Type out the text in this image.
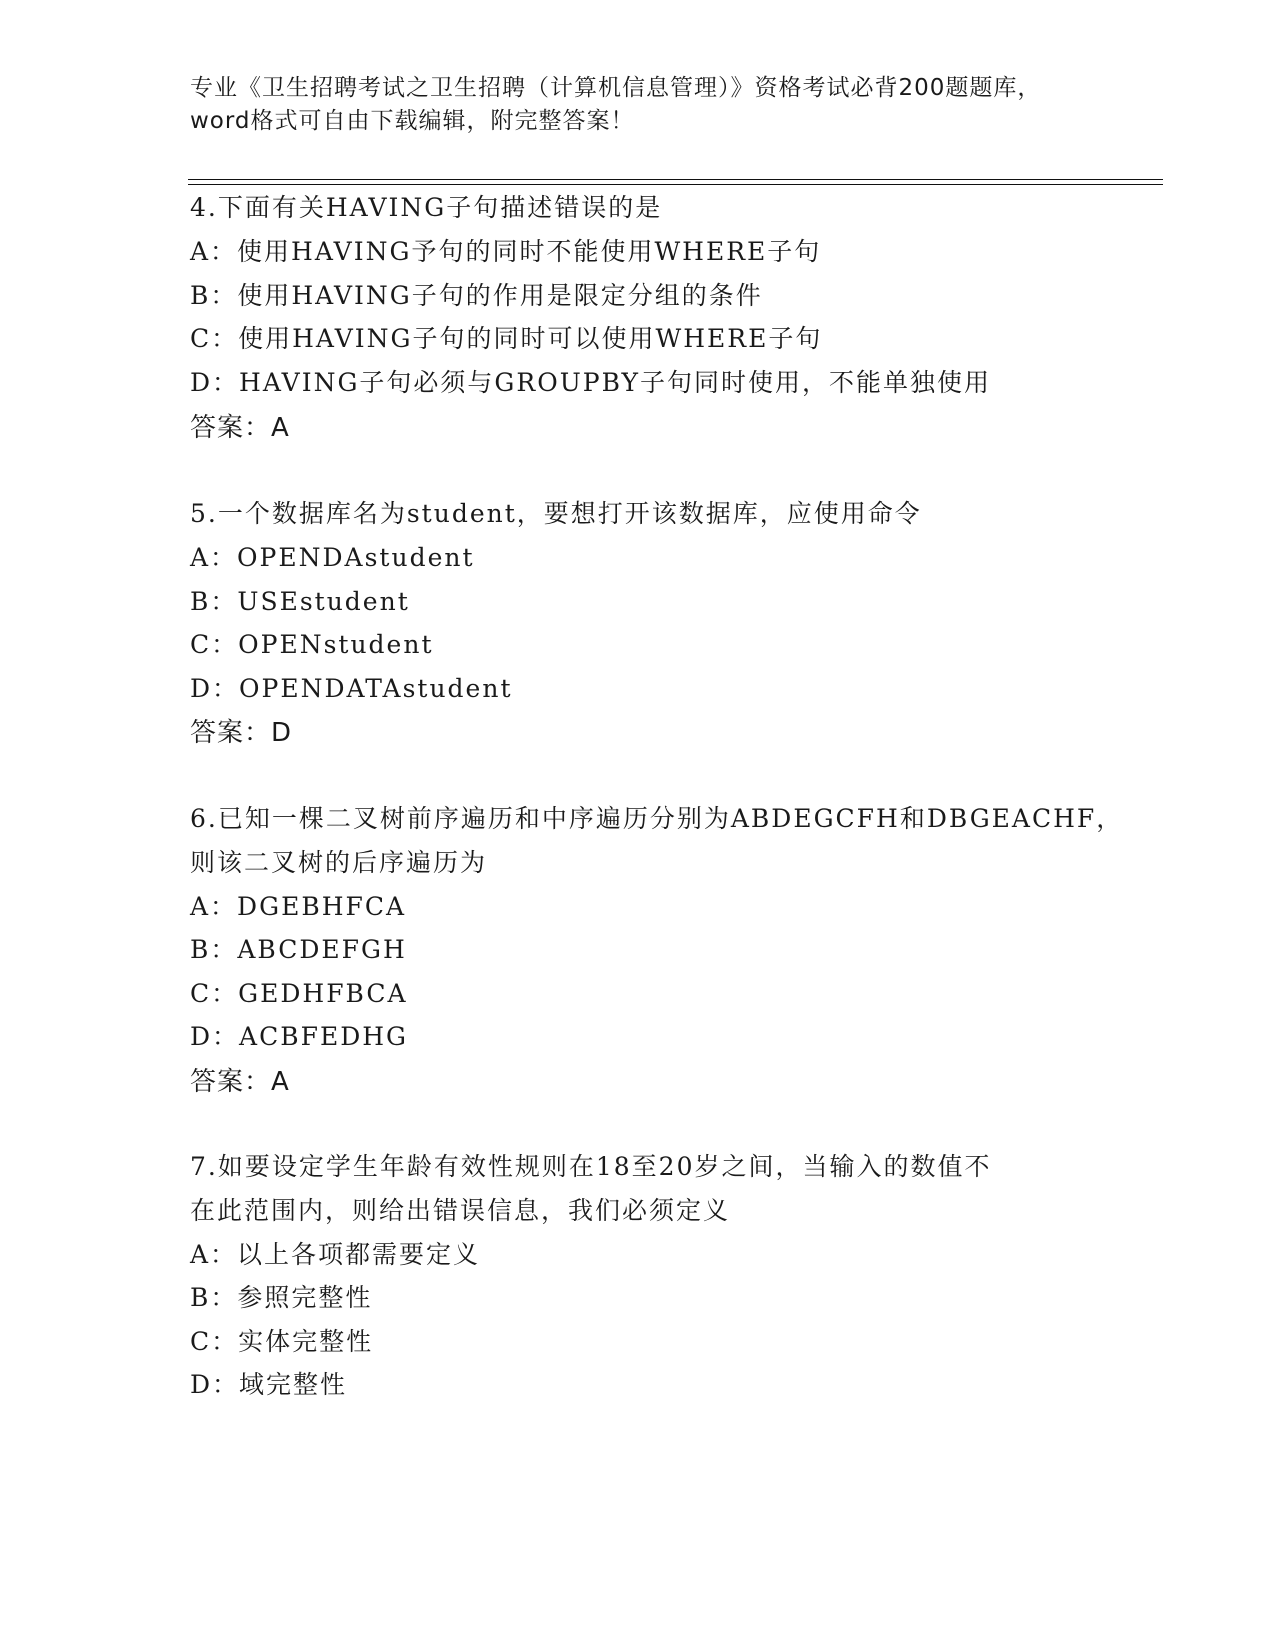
专业《卫生招聘考试之卫生招聘（计算机信息管理）》资格考试必背200题题库，
word格式可自由下载编辑，附完整答案！
4.下面有关HAVING子句描述错误的是
A：使用HAVING予句的同时不能使用WHERE子句
B：使用HAVING子句的作用是限定分组的条件
C：使用HAVING子句的同时可以使用WHERE子句
D：HAVING子句必须与GROUPBY子句同时使用，不能单独使用
答案：A
5.一个数据库名为student，要想打开该数据库，应使用命令
A：OPENDAstudent
B：USEstudent
C：OPENstudent
D：OPENDATAstudent
答案：D
6.已知一棵二叉树前序遍历和中序遍历分别为ABDEGCFH和DBGEACHF，
则该二叉树的后序遍历为
A：DGEBHFCA
B：ABCDEFGH
C：GEDHFBCA
D：ACBFEDHG
答案：A
7.如要设定学生年龄有效性规则在18至20岁之间，当输入的数值不
在此范围内，则给出错误信息，我们必须定义
A：以上各项都需要定义
B：参照完整性
C：实体完整性
D：域完整性
